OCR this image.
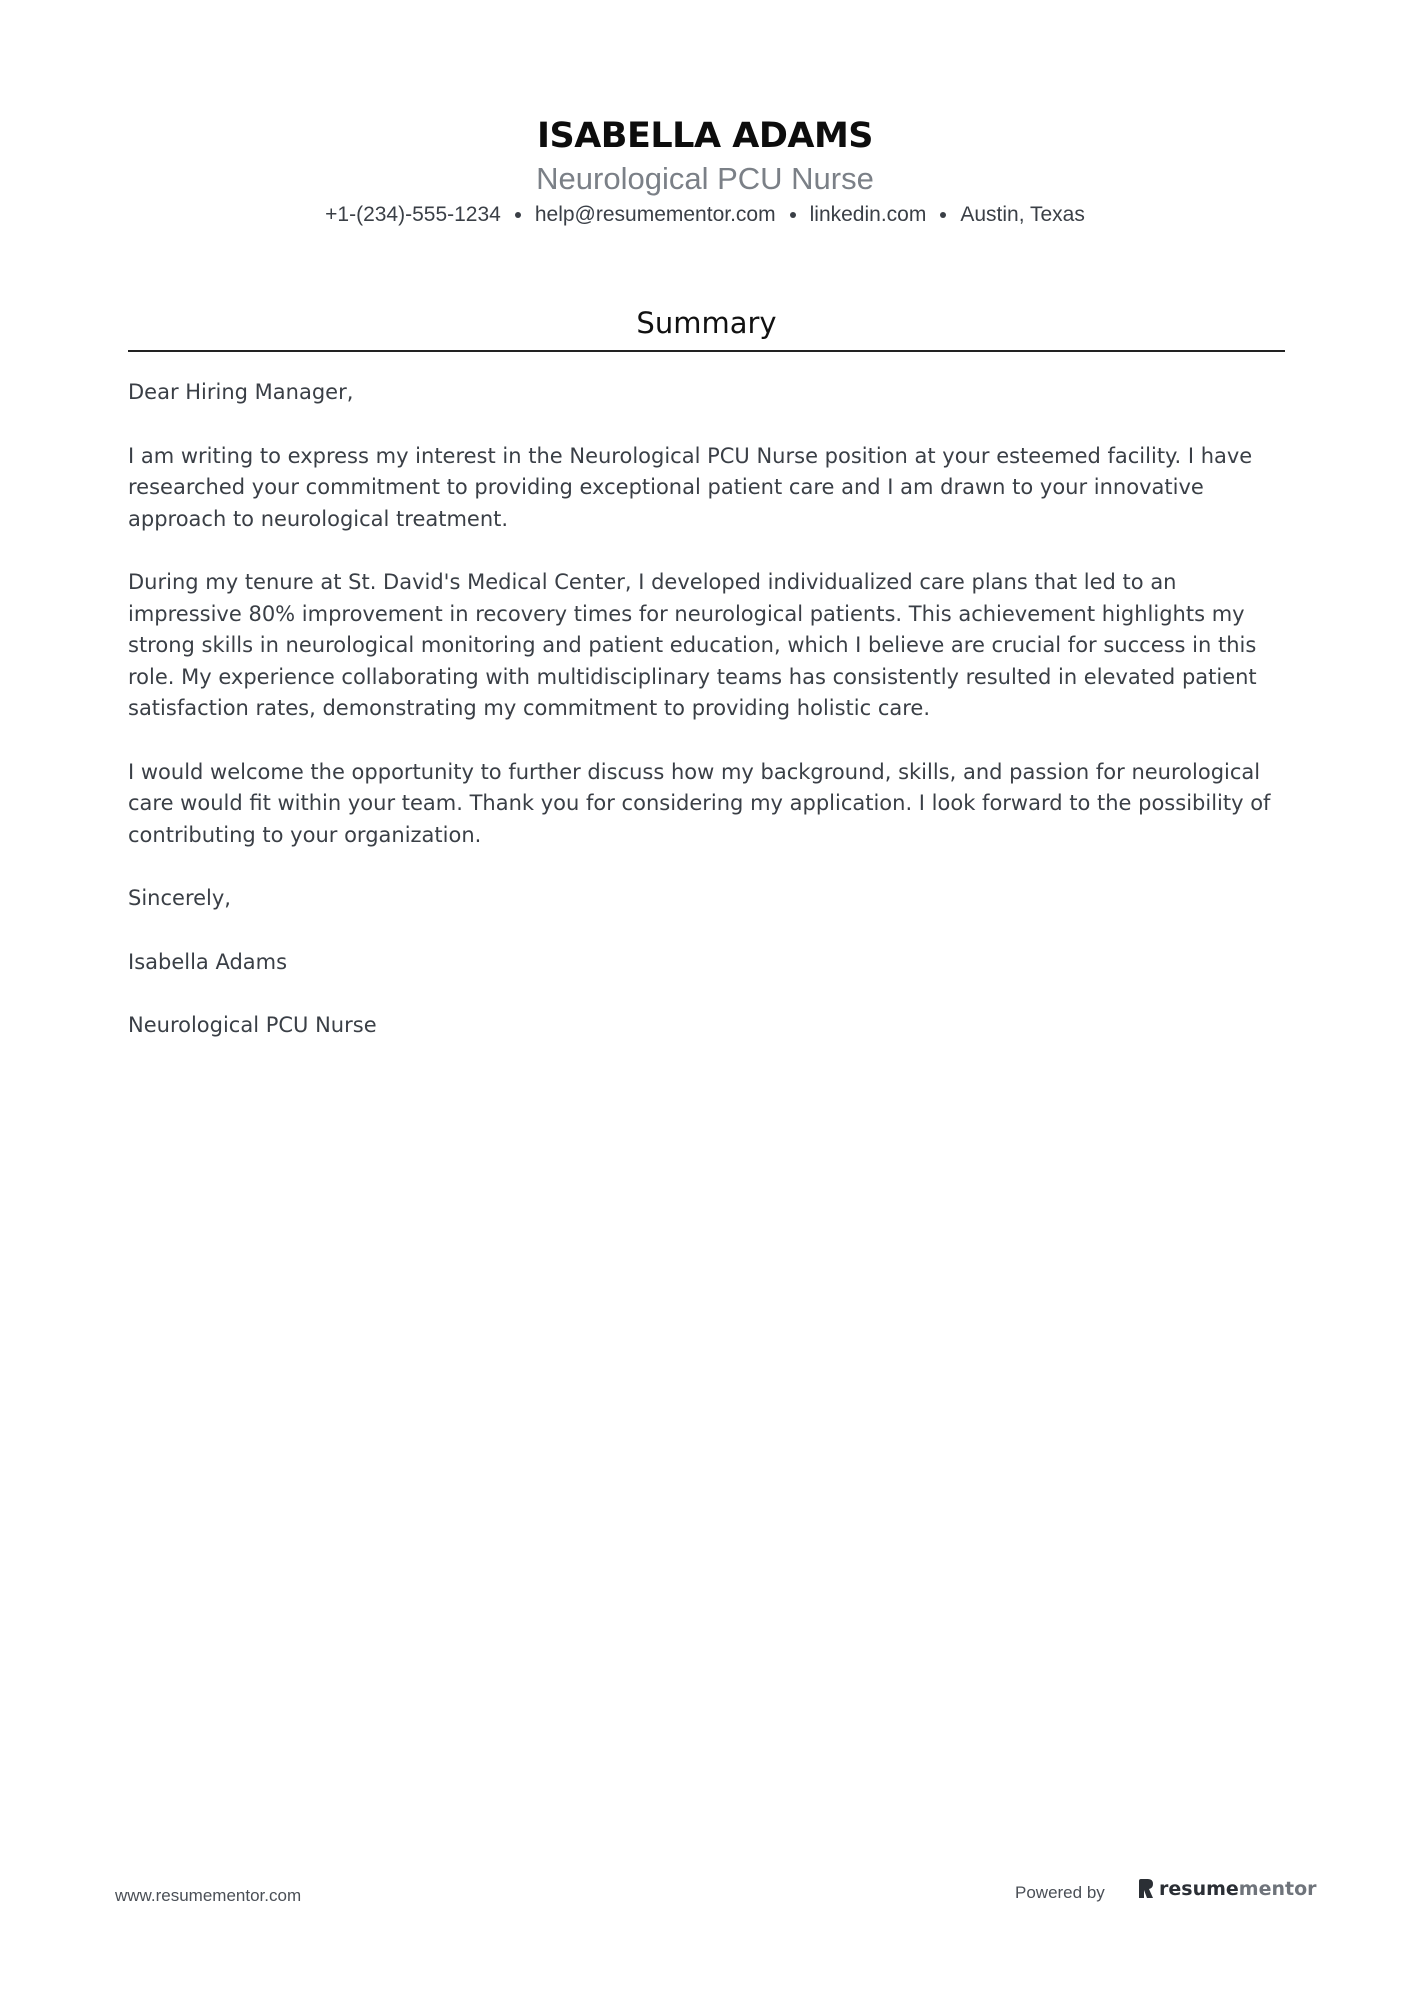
ISABELLA ADAMS
Neurological PCU Nurse
+1-(234)-555-1234 help@resumementor.com linkedin.com Austin, Texas
Summary

Dear Hiring Manager,

I am writing to express my interest in the Neurological PCU Nurse position at your esteemed facility. I have researched your commitment to providing exceptional patient care and I am drawn to your innovative approach to neurological treatment.

During my tenure at St. David's Medical Center, I developed individualized care plans that led to an impressive 80% improvement in recovery times for neurological patients. This achievement highlights my strong skills in neurological monitoring and patient education, which I believe are crucial for success in this role. My experience collaborating with multidisciplinary teams has consistently resulted in elevated patient satisfaction rates, demonstrating my commitment to providing holistic care.

I would welcome the opportunity to further discuss how my background, skills, and passion for neurological care would fit within your team. Thank you for considering my application. I look forward to the possibility of contributing to your organization.

Sincerely,

Isabella Adams

Neurological PCU Nurse

www.resumementor.com	Powered by	resume mentor
